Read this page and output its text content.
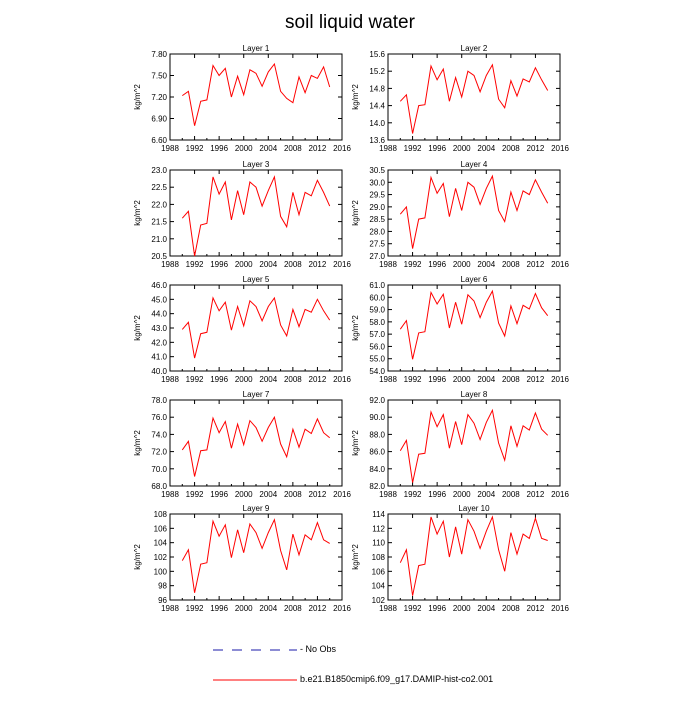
soil liquid water
Layer 1
kg/m^2
1988 1992 1996 2000 2004 2008 2012 2016
6.60
6.90
7.20
7.50
7.80
Layer 2
kg/m^2
1988 1992 1996 2000 2004 2008 2012 2016
13.6
14.0
14.4
14.8
15.2
15.6
Layer 3
kg/m^2
1988 1992 1996 2000 2004 2008 2012 2016
20.5
21.0
21.5
22.0
22.5
23.0
Layer 4
kg/m^2
1988 1992 1996 2000 2004 2008 2012 2016
27.0
27.5
28.0
28.5
29.0
29.5
30.0
30.5
Layer 5
kg/m^2
1988 1992 1996 2000 2004 2008 2012 2016
40.0
41.0
42.0
43.0
44.0
45.0
46.0
Layer 6
kg/m^2
1988 1992 1996 2000 2004 2008 2012 2016
54.0
55.0
56.0
57.0
58.0
59.0
60.0
61.0
Layer 7
kg/m^2
1988 1992 1996 2000 2004 2008 2012 2016
68.0
70.0
72.0
74.0
76.0
78.0
Layer 8
kg/m^2
1988 1992 1996 2000 2004 2008 2012 2016
82.0
84.0
86.0
88.0
90.0
92.0
Layer 9
kg/m^2
1988 1992 1996 2000 2004 2008 2012 2016
96
98
100
102
104
106
108
Layer 10
kg/m^2
1988 1992 1996 2000 2004 2008 2012 2016
102
104
106
108
110
112
114
- No Obs
b.e21.B1850cmip6.f09_g17.DAMIP-hist-co2.001
